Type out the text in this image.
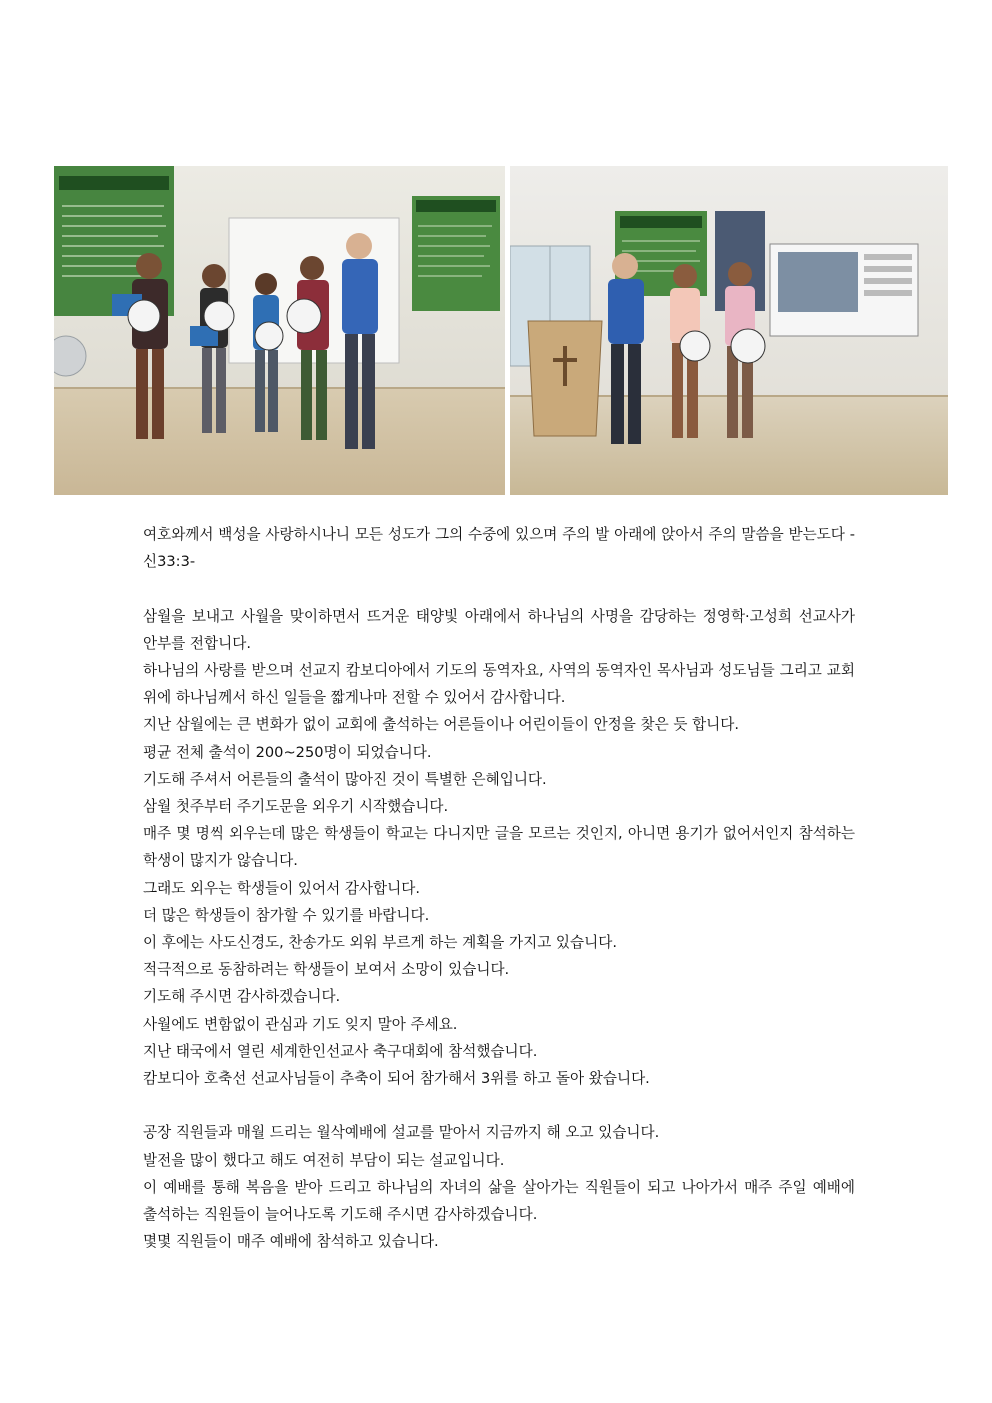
여호와께서 백성을 사랑하시나니 모든 성도가 그의 수중에 있으며 주의 발 아래에 앉아서 주의 말씀을 받는도다 -신33:3-

삼월을 보내고 사월을 맞이하면서 뜨거운 태양빛 아래에서 하나님의 사명을 감당하는 정영학·고성희 선교사가 안부를 전합니다.

하나님의 사랑를 받으며 선교지 캄보디아에서 기도의 동역자요, 사역의 동역자인 목사님과 성도님들 그리고 교회 위에 하나님께서 하신 일들을 짧게나마 전할 수 있어서 감사합니다.

지난 삼월에는 큰 변화가 없이 교회에 출석하는 어른들이나 어린이들이 안정을 찾은 듯 합니다.

평균 전체 출석이 200~250명이 되었습니다.

기도해 주셔서 어른들의 출석이 많아진 것이 특별한 은혜입니다.

삼월 첫주부터 주기도문을 외우기 시작했습니다.

매주 몇 명씩 외우는데 많은 학생들이 학교는 다니지만 글을 모르는 것인지, 아니면 용기가 없어서인지 참석하는 학생이 많지가 않습니다.

그래도 외우는 학생들이 있어서 감사합니다.

더 많은 학생들이 참가할 수 있기를 바랍니다.

이 후에는 사도신경도, 찬송가도 외워 부르게 하는 계획을 가지고 있습니다.

적극적으로 동참하려는 학생들이 보여서 소망이 있습니다.

기도해 주시면 감사하겠습니다.

사월에도 변함없이 관심과 기도 잊지 말아 주세요.

지난 태국에서 열린 세계한인선교사 축구대회에 참석했습니다.

캄보디아 호축선 선교사님들이 추축이 되어 참가해서 3위를 하고 돌아 왔습니다.

공장 직원들과 매월 드리는 월삭예배에 설교를 맡아서 지금까지 해 오고 있습니다.

발전을 많이 했다고 해도 여전히 부담이 되는 설교입니다.

이 예배를 통해 복음을 받아 드리고 하나님의 자녀의 삶을 살아가는 직원들이 되고 나아가서 매주 주일 예배에 출석하는 직원들이 늘어나도록 기도해 주시면 감사하겠습니다.

몇몇 직원들이 매주 예배에 참석하고 있습니다.
